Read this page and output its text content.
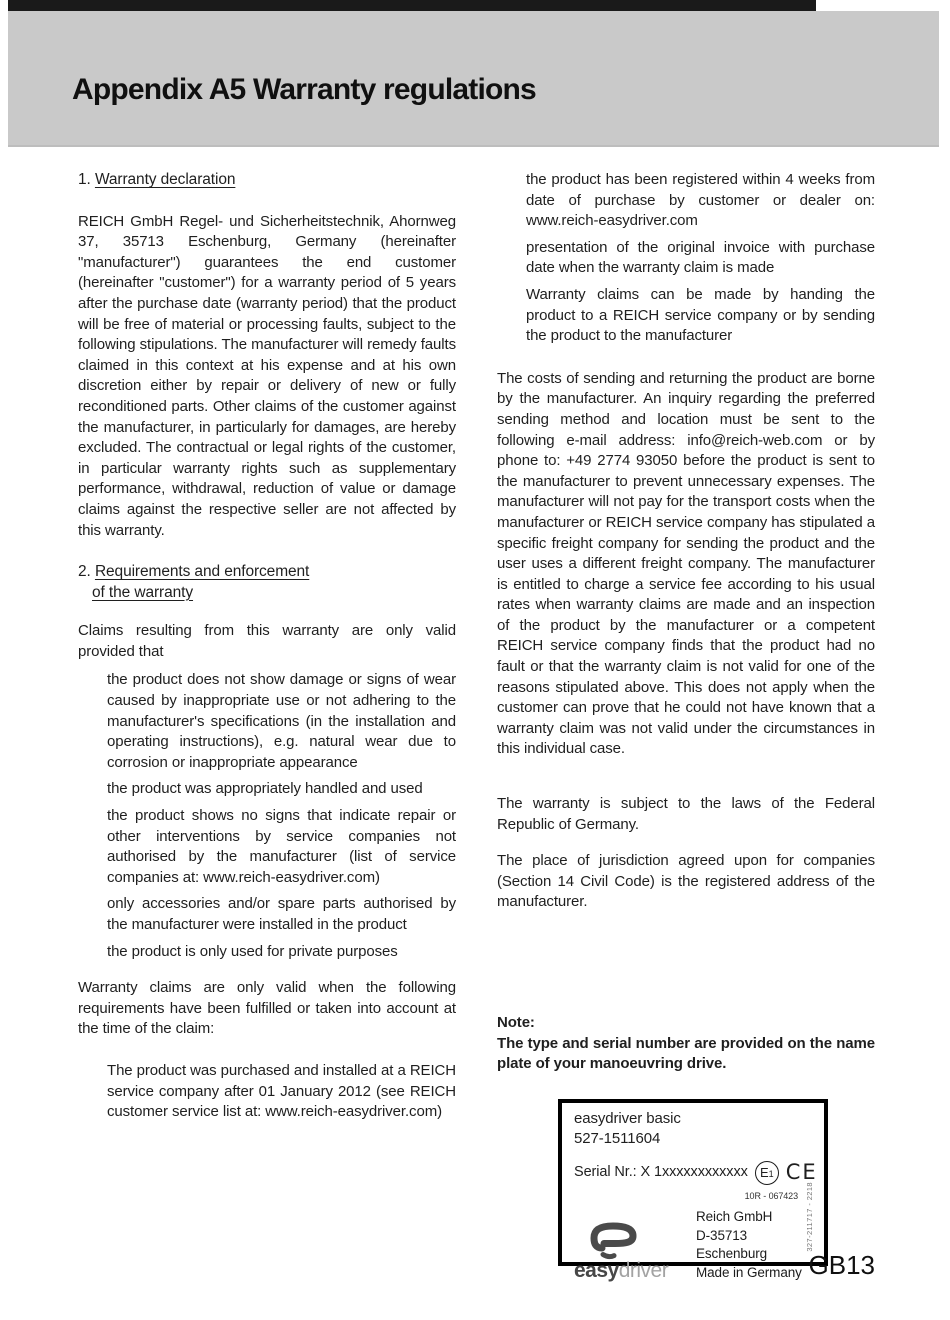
Appendix A5 Warranty regulations
1. Warranty declaration

REICH GmbH Regel- und Sicherheitstechnik, Ahornweg 37, 35713 Eschenburg, Germany (hereinafter "manufacturer") guarantees the end customer (hereinafter "customer") for a warranty period of 5 years after the purchase date (warranty period) that the product will be free of material or processing faults, subject to the following stipulations. The manufacturer will remedy faults claimed in this context at his expense and at his own discretion either by repair or delivery of new or fully reconditioned parts. Other claims of the customer against the manufacturer, in particularly for damages, are hereby excluded. The contractual or legal rights of the customer, in particular warranty rights such as supplementary performance, withdrawal, reduction of value or damage claims against the respective seller are not affected by this warranty.

2. Requirements and enforcement
of the warranty

Claims resulting from this warranty are only valid provided that

the product does not show damage or signs of wear caused by inappropriate use or not adhering to the manufacturer's specifications (in the installation and operating instructions), e.g. natural wear due to corrosion or inappropriate appearance

the product was appropriately handled and used

the product shows no signs that indicate repair or other interventions by service companies not authorised by the manufacturer (list of service companies at: www.reich-easydriver.com)

only accessories and/or spare parts authorised by the manufacturer were installed in the product

the product is only used for private purposes

Warranty claims are only valid when the following requirements have been fulfilled or taken into account at the time of the claim:

The product was purchased and installed at a REICH service company after 01 January 2012 (see REICH customer service list at: www.reich-easydriver.com)

the product has been registered within 4 weeks from date of purchase by customer or dealer on: www.reich-easydriver.com

presentation of the original invoice with purchase date when the warranty claim is made

Warranty claims can be made by handing the product to a REICH service company or by sending the product to the manufacturer

The costs of sending and returning the product are borne by the manufacturer. An inquiry regarding the preferred sending method and location must be sent to the following e-mail address: info@reich-web.com or by phone to: +49 2774 93050 before the product is sent to the manufacturer to prevent unnecessary expenses. The manufacturer will not pay for the transport costs when the manufacturer or REICH service company has stipulated a specific freight company for sending the product and the user uses a different freight company. The manufacturer is entitled to charge a service fee according to his usual rates when warranty claims are made and an inspection of the product by the manufacturer or a competent REICH service company finds that the product had no fault or that the warranty claim is not valid for one of the reasons stipulated above. This does not apply when the customer can prove that he could not have known that a warranty claim was not valid under the circumstances in this individual case.

The warranty is subject to the laws of the Federal Republic of Germany.

The place of jurisdiction agreed upon for companies (Section 14 Civil Code) is the registered address of the manufacturer.

Note:

The type and serial number are provided on the name plate of your manoeuvring drive.

easydriver basic
527-1511604
Serial Nr.: X 1xxxxxxxxxxxx E 1 CE
10R - 067423
easydriver
Reich GmbH
D-35713 Eschenburg
Made in Germany
327-211717 - 2218
GB13
